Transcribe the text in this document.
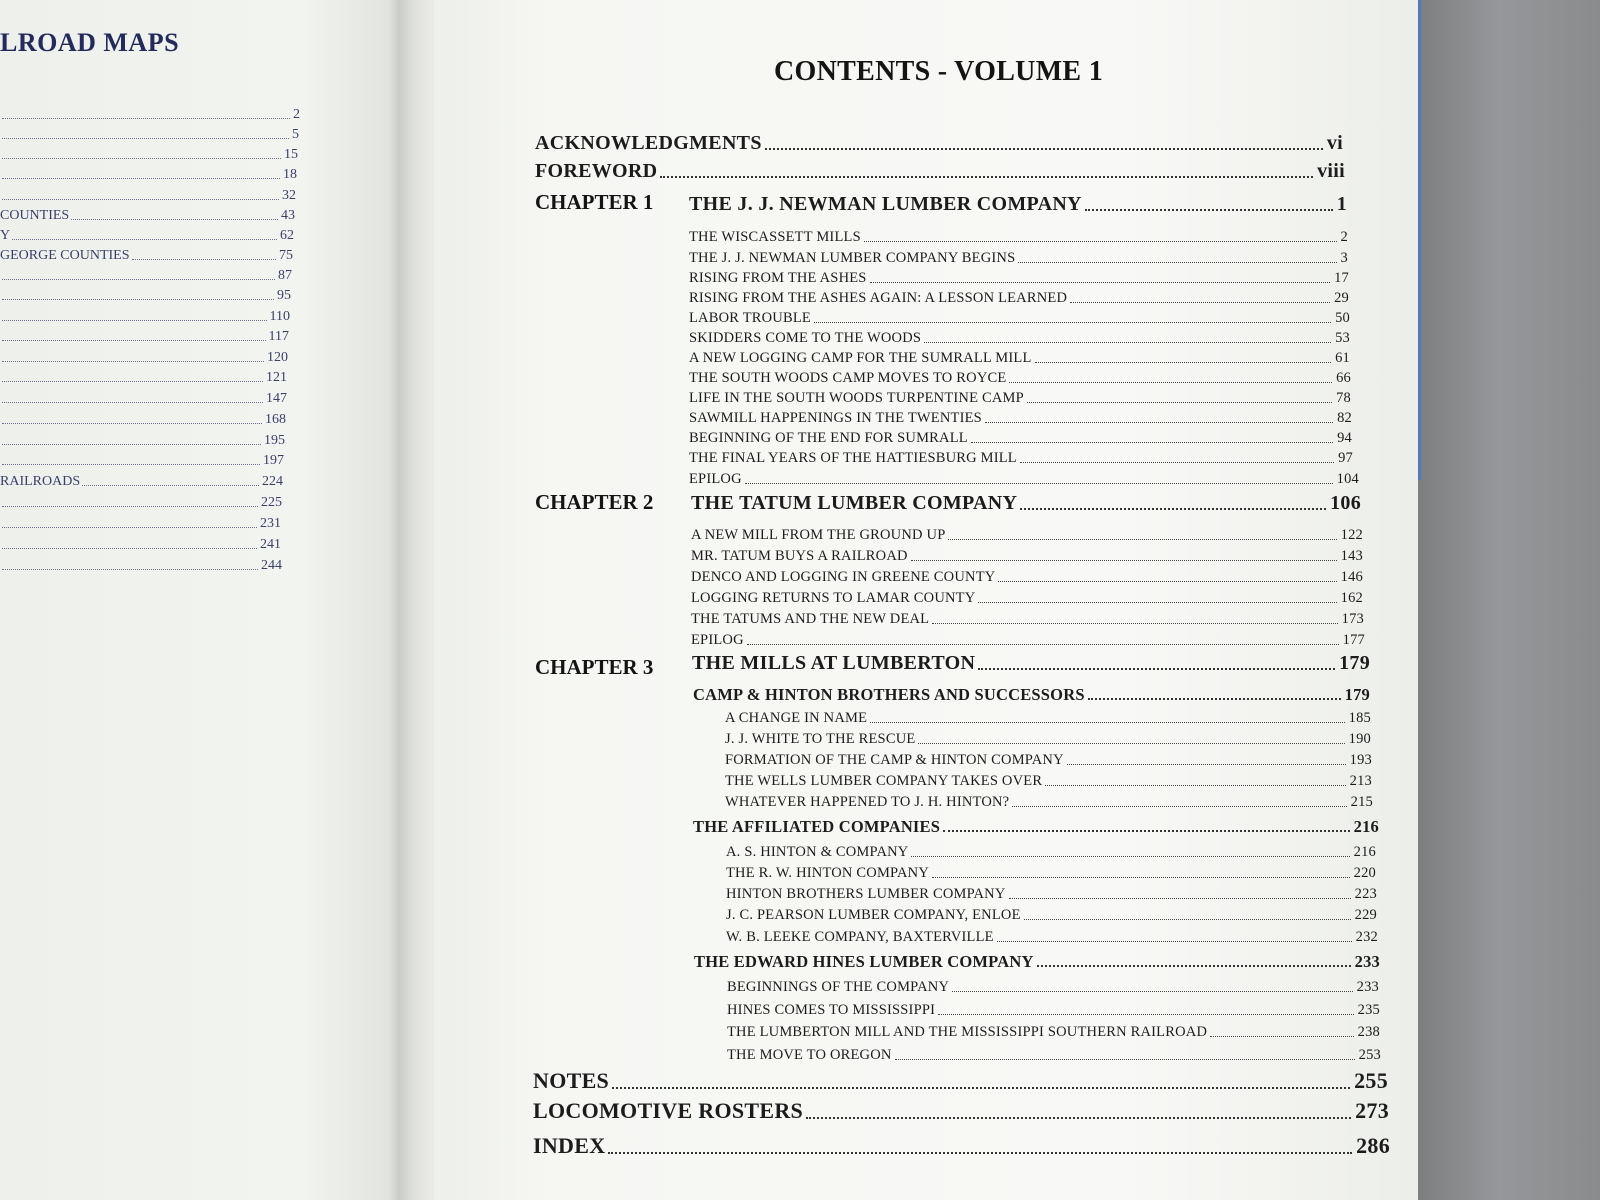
LROAD MAPS
2
5
15
18
32
COUNTIES	43
Y	62
GEORGE COUNTIES	75
87
95
110
117
120
121
147
168
195
197
RAILROADS	224
225
231
241
244
CONTENTS - VOLUME 1
ACKNOWLEDGMENTS	vi
FOREWORD	viii
CHAPTER 1 THE J. J. NEWMAN LUMBER COMPANY	1
THE WISCASSETT MILLS	2
THE J. J. NEWMAN LUMBER COMPANY BEGINS	3
RISING FROM THE ASHES	17
RISING FROM THE ASHES AGAIN: A LESSON LEARNED	29
LABOR TROUBLE	50
SKIDDERS COME TO THE WOODS	53
A NEW LOGGING CAMP FOR THE SUMRALL MILL	61
THE SOUTH WOODS CAMP MOVES TO ROYCE	66
LIFE IN THE SOUTH WOODS TURPENTINE CAMP	78
SAWMILL HAPPENINGS IN THE TWENTIES	82
BEGINNING OF THE END FOR SUMRALL	94
THE FINAL YEARS OF THE HATTIESBURG MILL	97
EPILOG	104
CHAPTER 2 THE TATUM LUMBER COMPANY	106
A NEW MILL FROM THE GROUND UP	122
MR. TATUM BUYS A RAILROAD	143
DENCO AND LOGGING IN GREENE COUNTY	146
LOGGING RETURNS TO LAMAR COUNTY	162
THE TATUMS AND THE NEW DEAL	173
EPILOG	177
CHAPTER 3 THE MILLS AT LUMBERTON	179
CAMP & HINTON BROTHERS AND SUCCESSORS	179
A CHANGE IN NAME	185
J. J. WHITE TO THE RESCUE	190
FORMATION OF THE CAMP & HINTON COMPANY	193
THE WELLS LUMBER COMPANY TAKES OVER	213
WHATEVER HAPPENED TO J. H. HINTON?	215
THE AFFILIATED COMPANIES	216
A. S. HINTON & COMPANY	216
THE R. W. HINTON COMPANY	220
HINTON BROTHERS LUMBER COMPANY	223
J. C. PEARSON LUMBER COMPANY, ENLOE	229
W. B. LEEKE COMPANY, BAXTERVILLE	232
THE EDWARD HINES LUMBER COMPANY	233
BEGINNINGS OF THE COMPANY	233
HINES COMES TO MISSISSIPPI	235
THE LUMBERTON MILL AND THE MISSISSIPPI SOUTHERN RAILROAD	238
THE MOVE TO OREGON	253
NOTES	255
LOCOMOTIVE ROSTERS	273
INDEX	286
